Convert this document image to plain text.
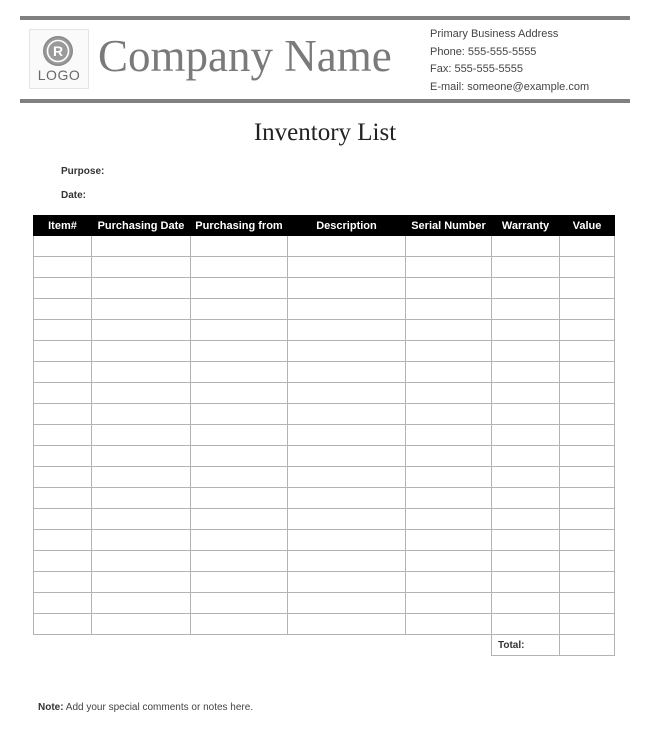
R
LOGO Company Name	Primary Business Address
Phone: 555-555-5555
Fax: 555-555-5555
E-mail: someone@example.com
Inventory List
Purpose:
Date:
Item#	Purchasing Date	Purchasing from	Description	Serial Number	Warranty	Value

					Total:	
Note: Add your special comments or notes here.
